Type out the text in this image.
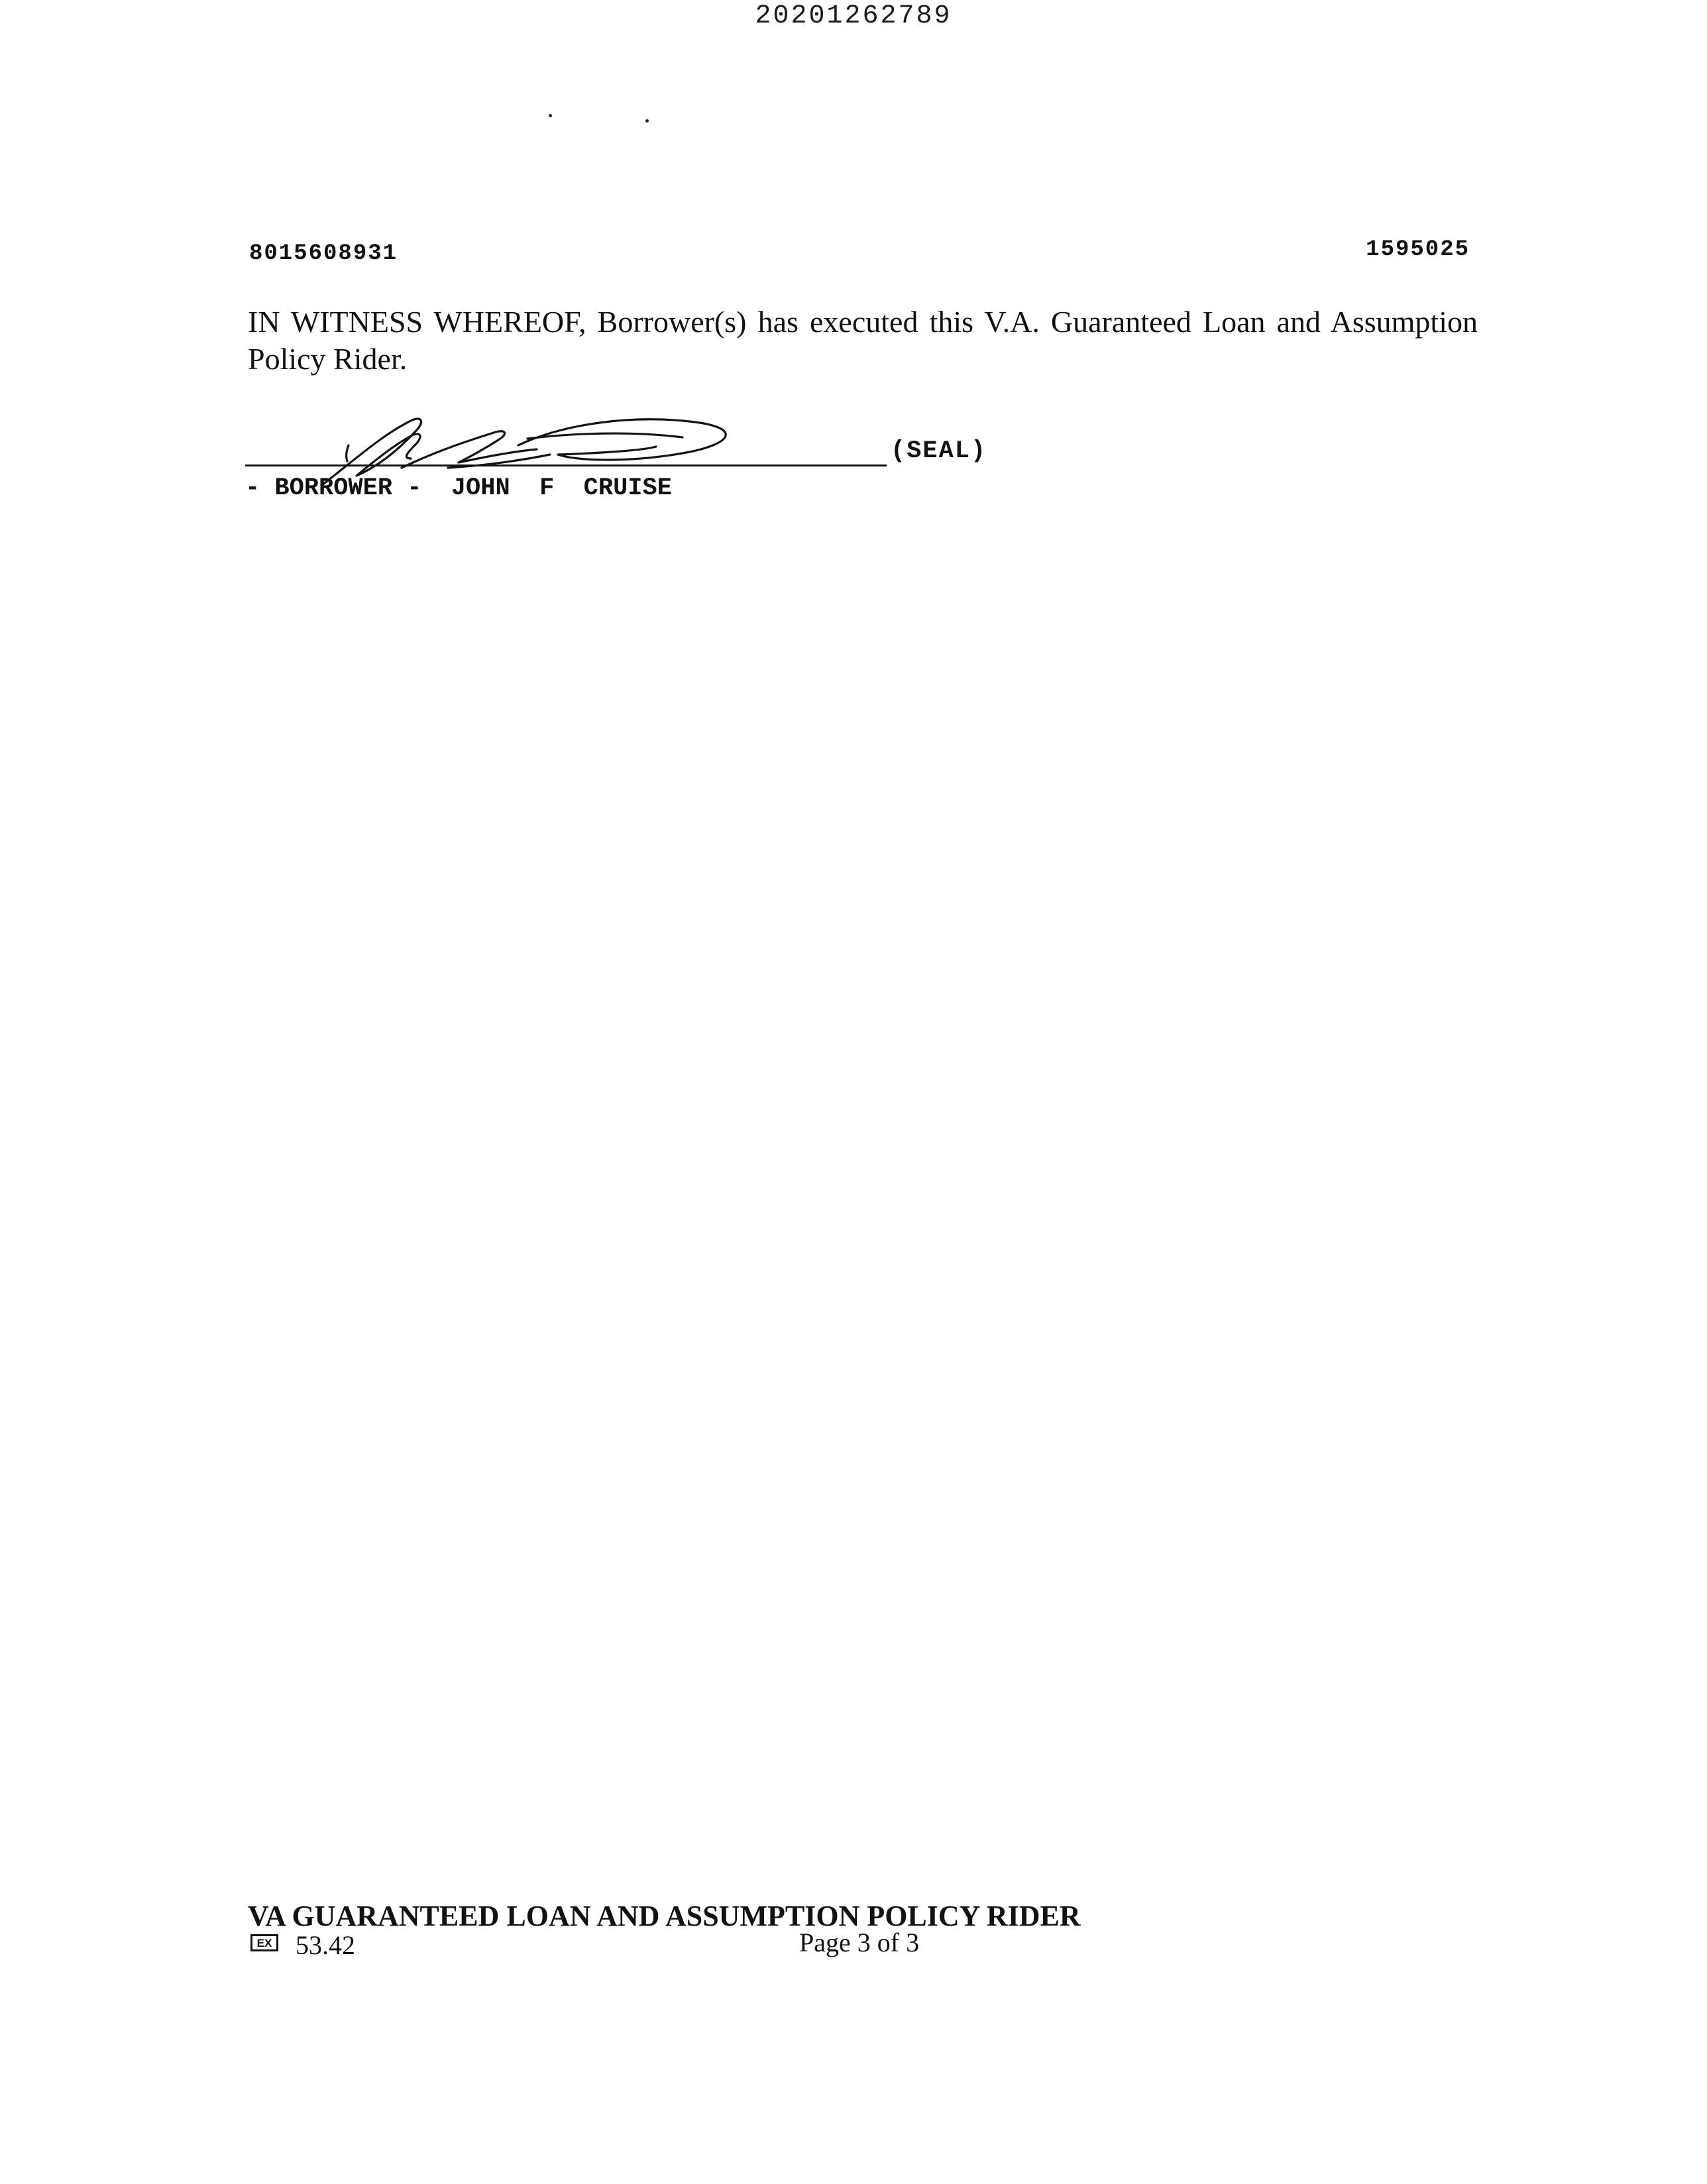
20201262789
8015608931	1595025
IN WITNESS WHEREOF, Borrower(s) has executed this V.A. Guaranteed Loan and Assumption Policy Rider.
(SEAL)
- BORROWER -  JOHN  F  CRUISE
VA GUARANTEED LOAN AND ASSUMPTION POLICY RIDER
EX 53.42	Page 3 of 3
